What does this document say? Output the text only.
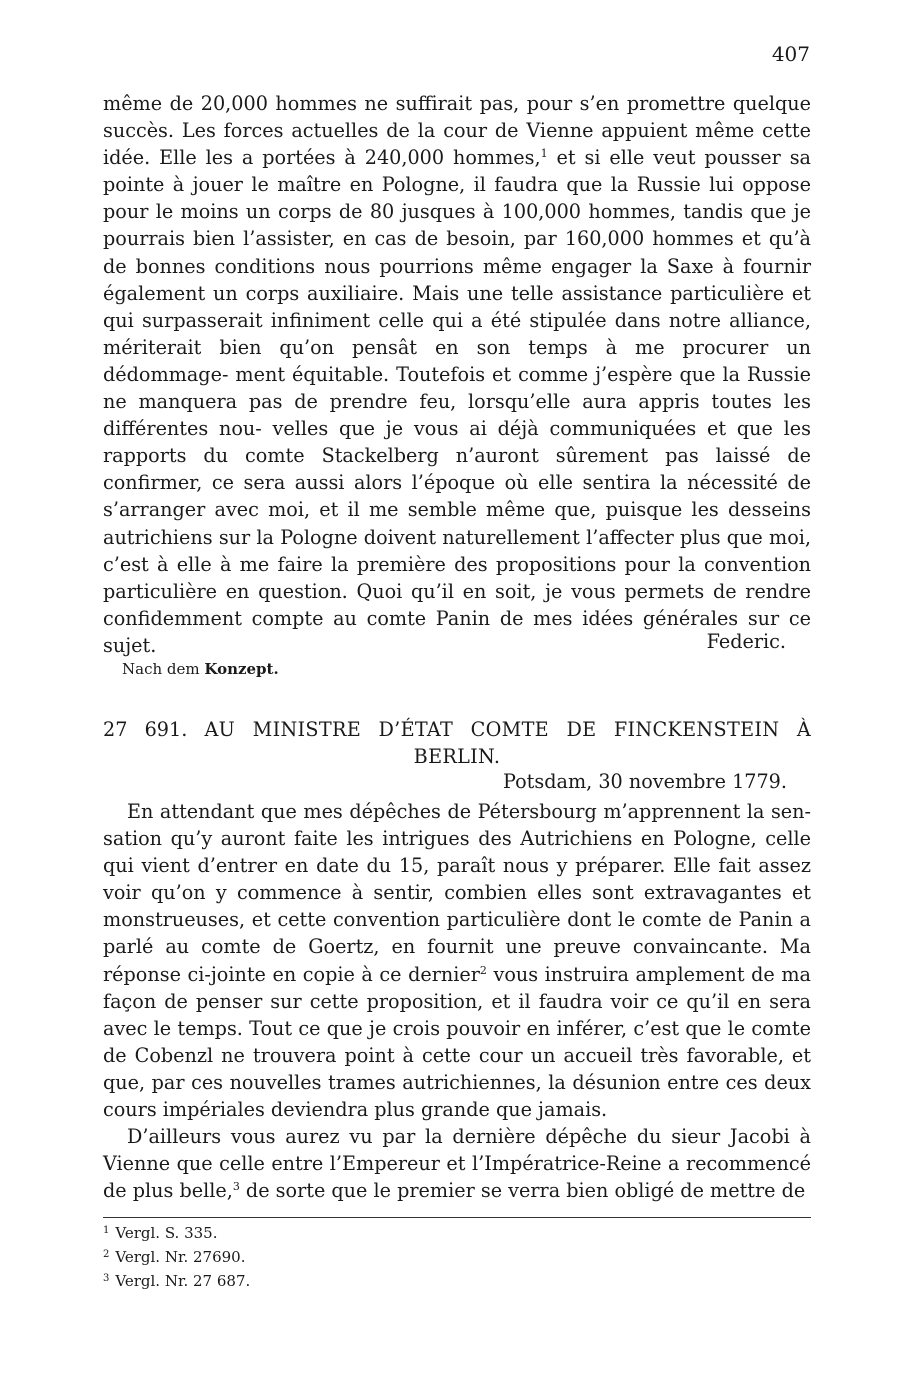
407

même de 20,000 hommes ne suffirait pas, pour s’en promettre quelque succès. Les forces actuelles de la cour de Vienne appuient même cette idée. Elle les a portées à 240,000 hommes,$^1$ et si elle veut pousser sa pointe à jouer le maître en Pologne, il faudra que la Russie lui oppose pour le moins un corps de 80 jusques à 100,000 hommes, tandis que je pourrais bien l’assister, en cas de besoin, par 160,000 hommes et qu’à de bonnes conditions nous pourrions même engager la Saxe à fournir également un corps auxiliaire. Mais une telle assistance particulière et qui surpasserait infiniment celle qui a été stipulée dans notre alliance, mériterait bien qu’on pensât en son temps à me procurer un dédommage- ment équitable. Toutefois et comme j’espère que la Russie ne manquera pas de prendre feu, lorsqu’elle aura appris toutes les différentes nou- velles que je vous ai déjà communiquées et que les rapports du comte Stackelberg n’auront sûrement pas laissé de confirmer, ce sera aussi alors l’époque où elle sentira la nécessité de s’arranger avec moi, et il me semble même que, puisque les desseins autrichiens sur la Pologne doivent naturellement l’affecter plus que moi, c’est à elle à me faire la première des propositions pour la convention particulière en question. Quoi qu’il en soit, je vous permets de rendre confidemment compte au comte Panin de mes idées générales sur ce sujet.	Federic.
Nach dem Konzept.
27 691. AU MINISTRE D’ÉTAT COMTE DE FINCKENSTEIN À BERLIN.
Potsdam, 30 novembre 1779.

En attendant que mes dépêches de Pétersbourg m’apprennent la sen- sation qu’y auront faite les intrigues des Autrichiens en Pologne, celle qui vient d’entrer en date du 15, paraît nous y préparer. Elle fait assez voir qu’on y commence à sentir, combien elles sont extravagantes et monstrueuses, et cette convention particulière dont le comte de Panin a parlé au comte de Goertz, en fournit une preuve convaincante. Ma réponse ci-jointe en copie à ce dernier$^2$ vous instruira amplement de ma façon de penser sur cette proposition, et il faudra voir ce qu’il en sera avec le temps. Tout ce que je crois pouvoir en inférer, c’est que le comte de Cobenzl ne trouvera point à cette cour un accueil très favorable, et que, par ces nouvelles trames autrichiennes, la désunion entre ces deux cours impériales deviendra plus grande que jamais.

D’ailleurs vous aurez vu par la dernière dépêche du sieur Jacobi à Vienne que celle entre l’Empereur et l’Impératrice-Reine a recommencé de plus belle,$^3$ de sorte que le premier se verra bien obligé de mettre de

$^1$ Vergl. S. 335.
$^2$ Vergl. Nr. 27690.
$^3$ Vergl. Nr. 27 687.
